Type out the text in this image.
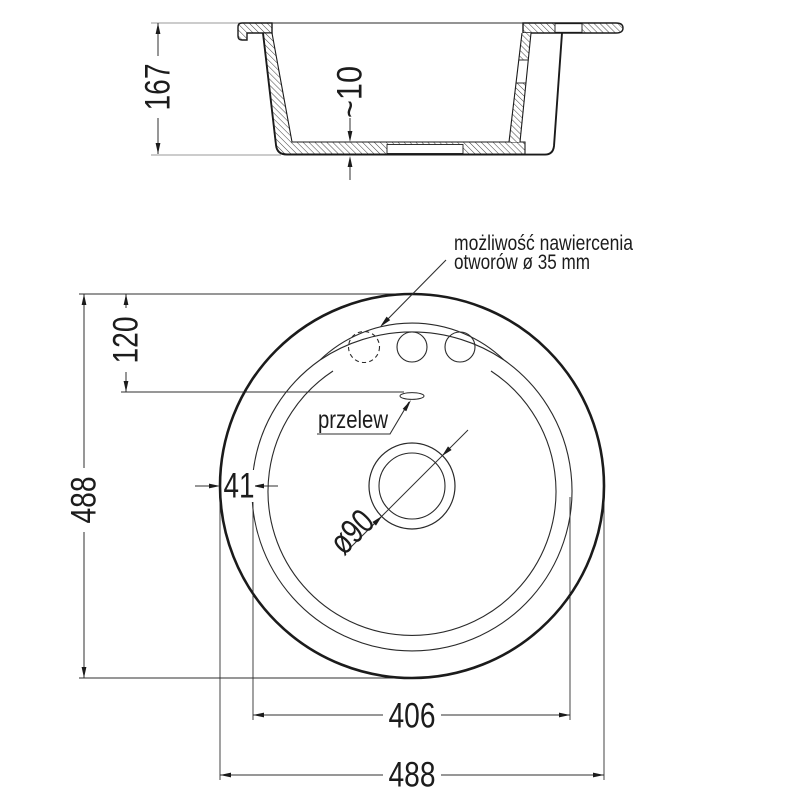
167	~10
488
120
41
406
488
ø90
przelew
możliwość nawiercenia
otworów ø 35 mm
